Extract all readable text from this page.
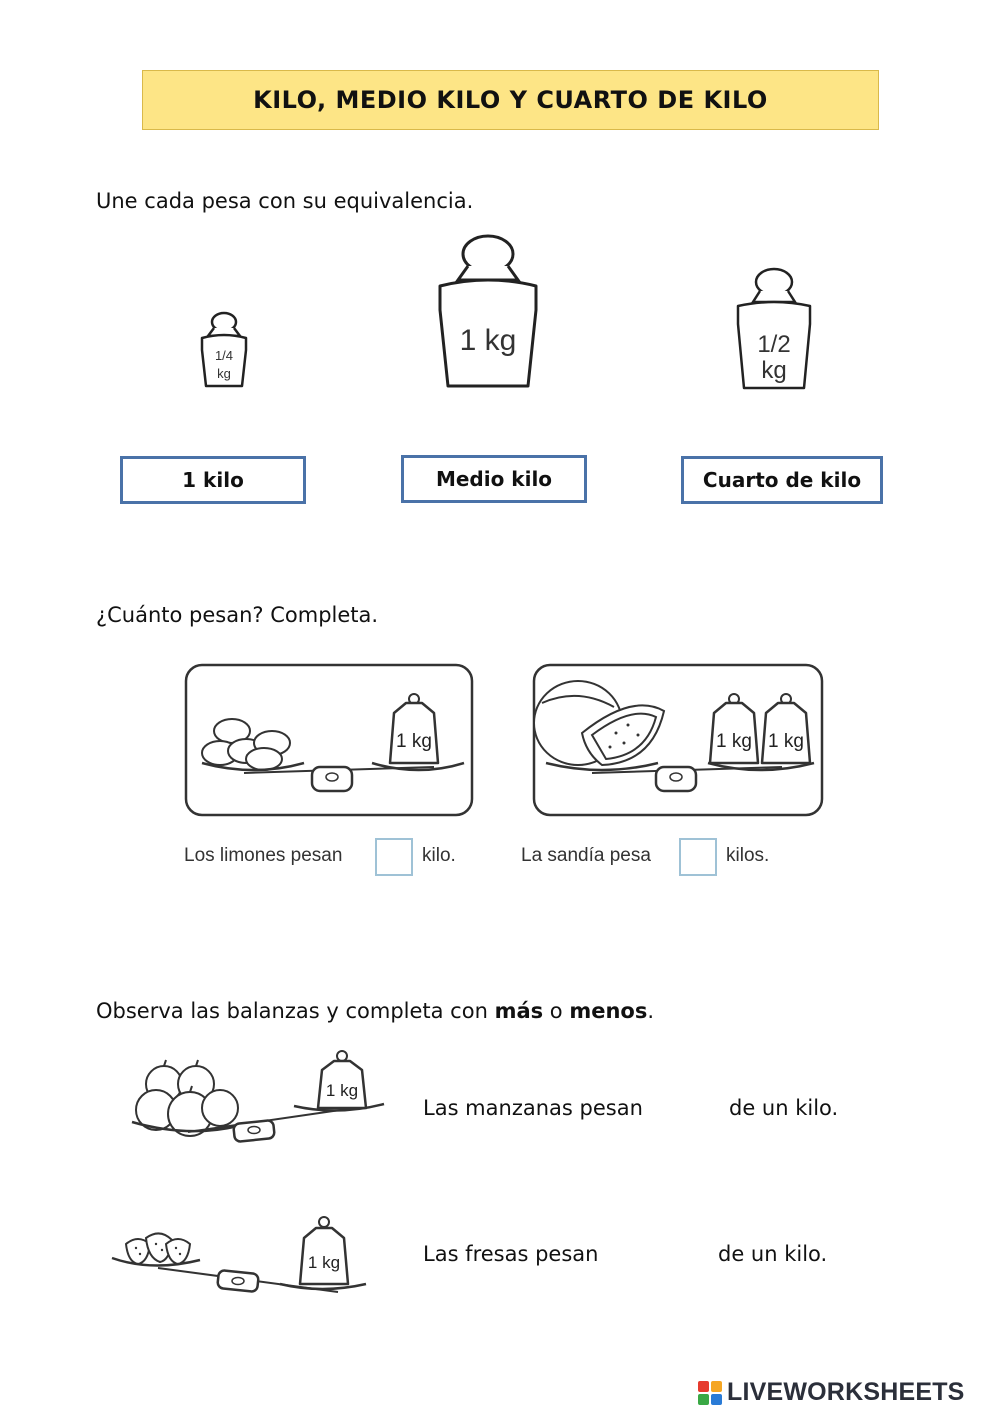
KILO, MEDIO KILO Y CUARTO DE KILO
Une cada pesa con su equivalencia.
1/4
kg
1 kg	1/2
kg
1 kilo	Medio kilo	Cuarto de kilo
¿Cuánto pesan? Completa.
1 kg	1 kg 1 kg
Los limones pesan	kilo.	La sandía pesa	kilos.
Observa las balanzas y completa con más o menos.
1 kg
Las manzanas pesan	de un kilo.
1 kg	Las fresas pesan	de un kilo.
LIVEWORKSHEETS
